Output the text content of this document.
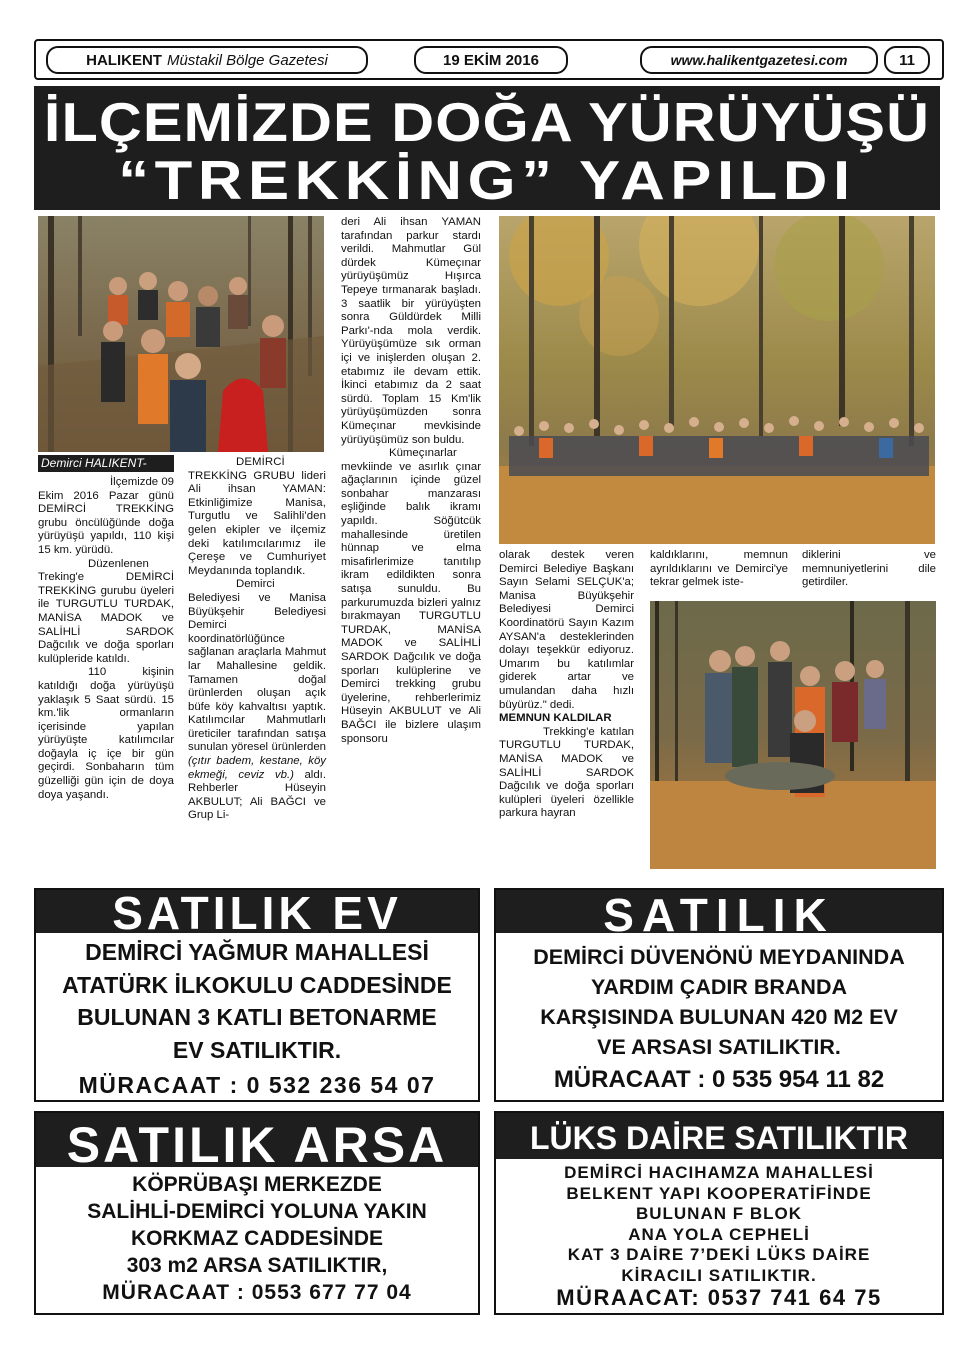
HALIKENT Müstakil Bölge Gazetesi	19 EKİM 2016	www.halikentgazetesi.com	11
İLÇEMİZDE DOĞA YÜRÜYÜŞÜ
“TREKKİNG” YAPILDI
Demirci HALIKENT-

İlçemizde 09 Ekim 2016 Pazar günü DEMİRCİ TREKKİNG grubu öncülüğünde doğa yürüyüşü yapıldı, 110 kişi 15 km. yürüdü.

Düzenlenen Treking'e DEMİRCİ TREKKİNG gurubu üyeleri ile TURGUTLU TURDAK, MANİSA MADOK ve SALİHLİ SARDOK Dağcılık ve doğa sporları kulüpleride katıldı.

110 kişinin katıldığı doğa yürüyüşü yaklaşık 5 Saat sürdü. 15 km.'lik ormanların içerisinde yapılan yürüyüşte katılımcılar doğayla iç içe bir gün geçirdi. Sonbaharın tüm güzelliği gün için de doya doya yaşandı.

DEMİRCİ TREKKİNG GRUBU lideri Ali ihsan YAMAN: Etkinliğimize Manisa, Turgutlu ve Salihli'den gelen ekipler ve ilçemiz deki katılımcılarımız ile Çereşe ve Cumhuriyet Meydanında toplandık.

Demirci Belediyesi ve Manisa Büyükşehir Belediyesi Demirci koordinatörlüğünce sağlanan araçlarla Mahmut lar Mahallesine geldik. Tamamen doğal ürünlerden oluşan açık büfe köy kahvaltısı yaptık. Katılımcılar Mahmutlarlı üreticiler tarafından satışa sunulan yöresel ürünlerden (çıtır badem, kestane, köy ekmeği, ceviz vb.) aldı. Rehberler Hüseyin AKBULUT; Ali BAĞCI ve Grup Li-

deri Ali ihsan YAMAN tarafından parkur stardı verildi. Mahmutlar Gül dürdek Kümeçınar yürüyüşümüz Hışırca Tepeye tırmanarak başladı. 3 saatlik bir yürüyüşten sonra Güldürdek Milli Parkı'-nda mola verdik. Yürüyüşümüze sık orman içi ve inişlerden oluşan 2. etabımız ile devam ettik. İkinci etabımız da 2 saat sürdü. Toplam 15 Km'lik yürüyüşümüzden sonra Kümeçınar mevkisinde yürüyüşümüz son buldu.

Kümeçınarlar mevkiinde ve asırlık çınar ağaçlarının içinde güzel sonbahar manzarası eşliğinde balık ikramı yapıldı. Söğütcük mahallesinde üretilen hünnap ve elma misafirlerimize tanıtılıp ikram edildikten sonra satışa sunuldu. Bu parkurumuzda bizleri yalnız bırakmayan TURGUTLU TURDAK, MANİSA MADOK ve SALİHLİ SARDOK Dağcılık ve doğa sporları kulüplerine ve Demirci trekking grubu üyelerine, rehberlerimiz Hüseyin AKBULUT ve Ali BAĞCI ile bizlere ulaşım sponsoru

olarak destek veren Demirci Belediye Başkanı Sayın Selami SELÇUK'a; Manisa Büyükşehir Belediyesi Demirci Koordinatörü Sayın Kazım AYSAN'a desteklerinden dolayı teşekkür ediyoruz. Umarım bu katılımlar giderek artar ve umulandan daha hızlı büyürüz." dedi.

MEMNUN KALDILAR

Trekking'e katılan TURGUTLU TURDAK, MANİSA MADOK ve SALİHLİ SARDOK Dağcılık ve doğa sporları kulüpleri üyeleri özellikle parkura hayran

kaldıklarını, memnun ayrıldıklarını ve Demirci'ye tekrar gelmek iste-

diklerini ve memnuniyetlerini dile getirdiler.

SATILIK EV
DEMİRCİ YAĞMUR MAHALLESİ
ATATÜRK İLKOKULU CADDESİNDE
BULUNAN 3 KATLI BETONARME
EV SATILIKTIR.
MÜRACAAT : 0 532 236 54 07
SATILIK
DEMİRCİ DÜVENÖNÜ MEYDANINDA
YARDIM ÇADIR BRANDA
KARŞISINDA BULUNAN 420 M2 EV
VE ARSASI SATILIKTIR.
MÜRACAAT : 0 535 954 11 82
SATILIK ARSA
KÖPRÜBAŞI MERKEZDE
SALİHLİ-DEMİRCİ YOLUNA YAKIN
KORKMAZ CADDESİNDE
303 m2 ARSA SATILIKTIR,
MÜRACAAT : 0553 677 77 04
LÜKS DAİRE SATILIKTIR
DEMİRCİ HACIHAMZA MAHALLESİ
BELKENT YAPI KOOPERATİFİNDE
BULUNAN F BLOK
ANA YOLA CEPHELİ
KAT 3 DAİRE 7’DEKİ LÜKS DAİRE
KİRACILI SATILIKTIR.
MÜRAACAT: 0537 741 64 75
